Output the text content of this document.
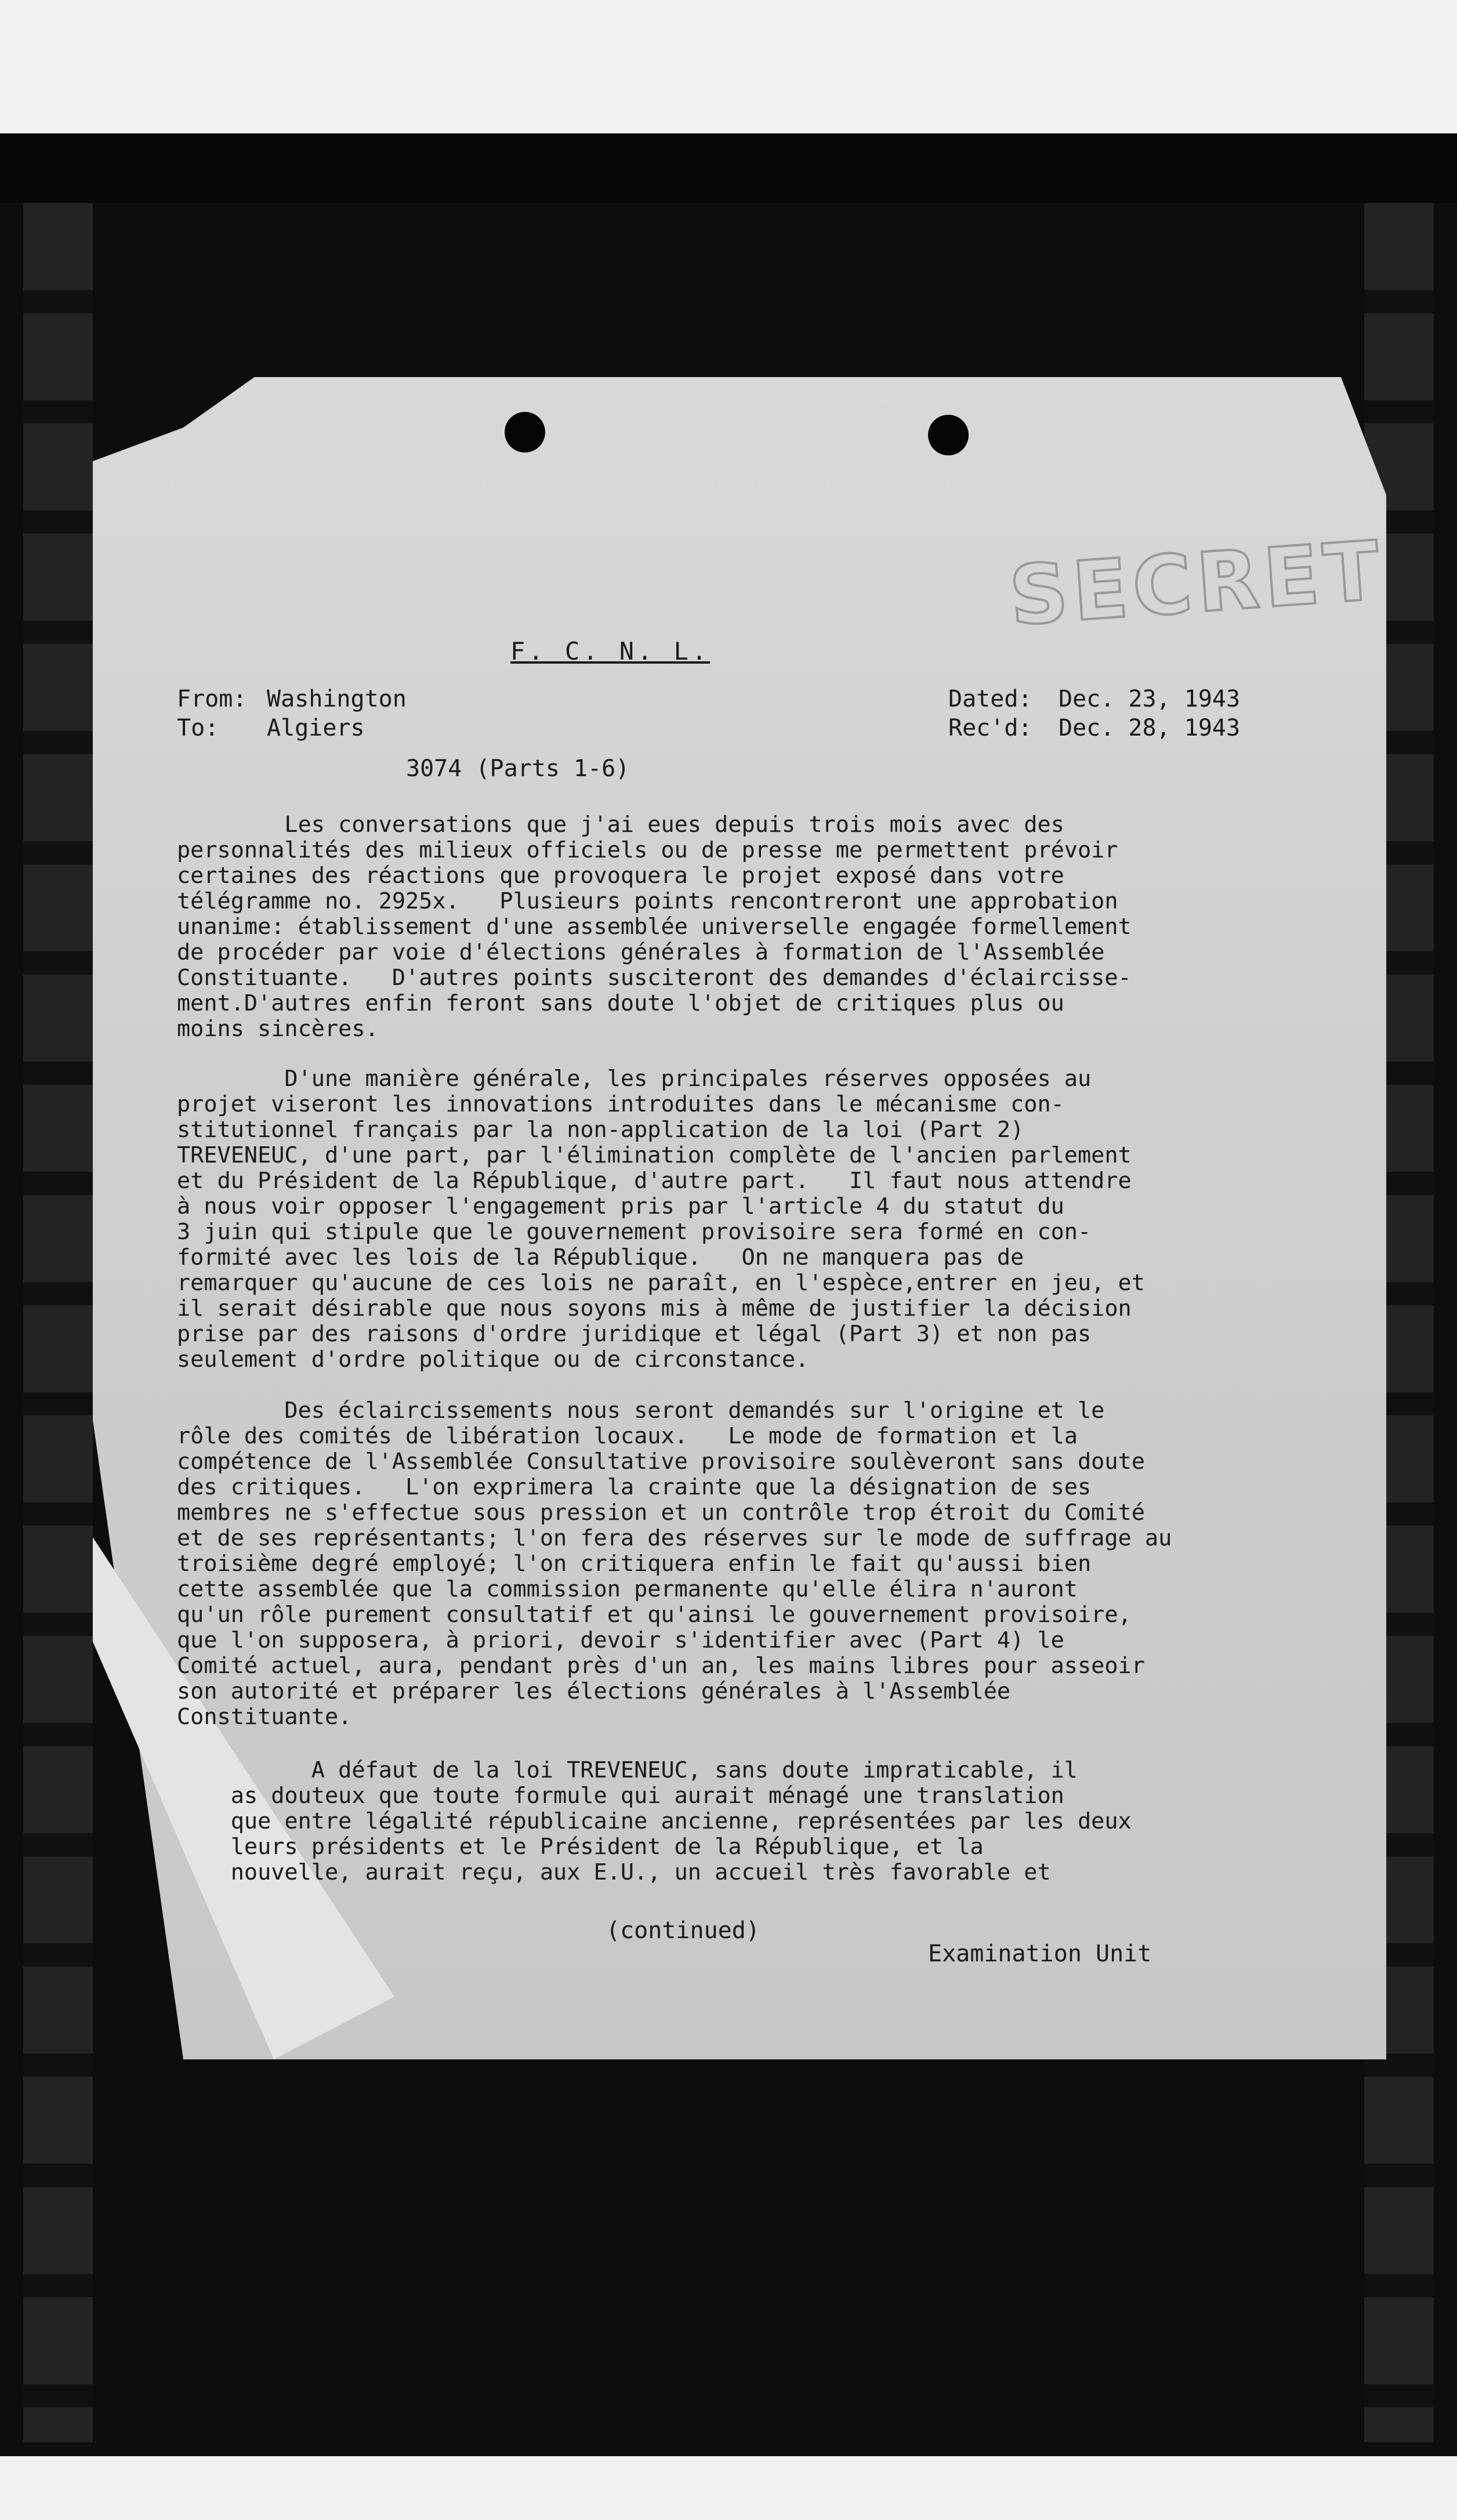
SECRET
F. C. N. L.
From: Washington
To:	Algiers
Dated:	Dec. 23, 1943
Rec'd:	Dec. 28, 1943
3074 (Parts 1-6)
Les conversations que j'ai eues depuis trois mois avec des
personnalités des milieux officiels ou de presse me permettent prévoir
certaines des réactions que provoquera le projet exposé dans votre
télégramme no. 2925x.   Plusieurs points rencontreront une approbation
unanime: établissement d'une assemblée universelle engagée formellement
de procéder par voie d'élections générales à formation de l'Assemblée
Constituante.   D'autres points susciteront des demandes d'éclaircisse-
ment.D'autres enfin feront sans doute l'objet de critiques plus ou
moins sincères.
D'une manière générale, les principales réserves opposées au
projet viseront les innovations introduites dans le mécanisme con-
stitutionnel français par la non-application de la loi (Part 2)
TREVENEUC, d'une part, par l'élimination complète de l'ancien parlement
et du Président de la République, d'autre part.   Il faut nous attendre
à nous voir opposer l'engagement pris par l'article 4 du statut du
3 juin qui stipule que le gouvernement provisoire sera formé en con-
formité avec les lois de la République.   On ne manquera pas de
remarquer qu'aucune de ces lois ne paraît, en l'espèce,entrer en jeu, et
il serait désirable que nous soyons mis à même de justifier la décision
prise par des raisons d'ordre juridique et légal (Part 3) et non pas
seulement d'ordre politique ou de circonstance.
Des éclaircissements nous seront demandés sur l'origine et le
rôle des comités de libération locaux.   Le mode de formation et la
compétence de l'Assemblée Consultative provisoire soulèveront sans doute
des critiques.   L'on exprimera la crainte que la désignation de ses
membres ne s'effectue sous pression et un contrôle trop étroit du Comité
et de ses représentants; l'on fera des réserves sur le mode de suffrage au
troisième degré employé; l'on critiquera enfin le fait qu'aussi bien
cette assemblée que la commission permanente qu'elle élira n'auront
qu'un rôle purement consultatif et qu'ainsi le gouvernement provisoire,
que l'on supposera, à priori, devoir s'identifier avec (Part 4) le
Comité actuel, aura, pendant près d'un an, les mains libres pour asseoir
son autorité et préparer les élections générales à l'Assemblée
Constituante.
A défaut de la loi TREVENEUC, sans doute impraticable, il
as douteux que toute formule qui aurait ménagé une translation
que entre légalité républicaine ancienne, représentées par les deux
leurs présidents et le Président de la République, et la
nouvelle, aurait reçu, aux E.U., un accueil très favorable et
(continued)
Examination Unit
